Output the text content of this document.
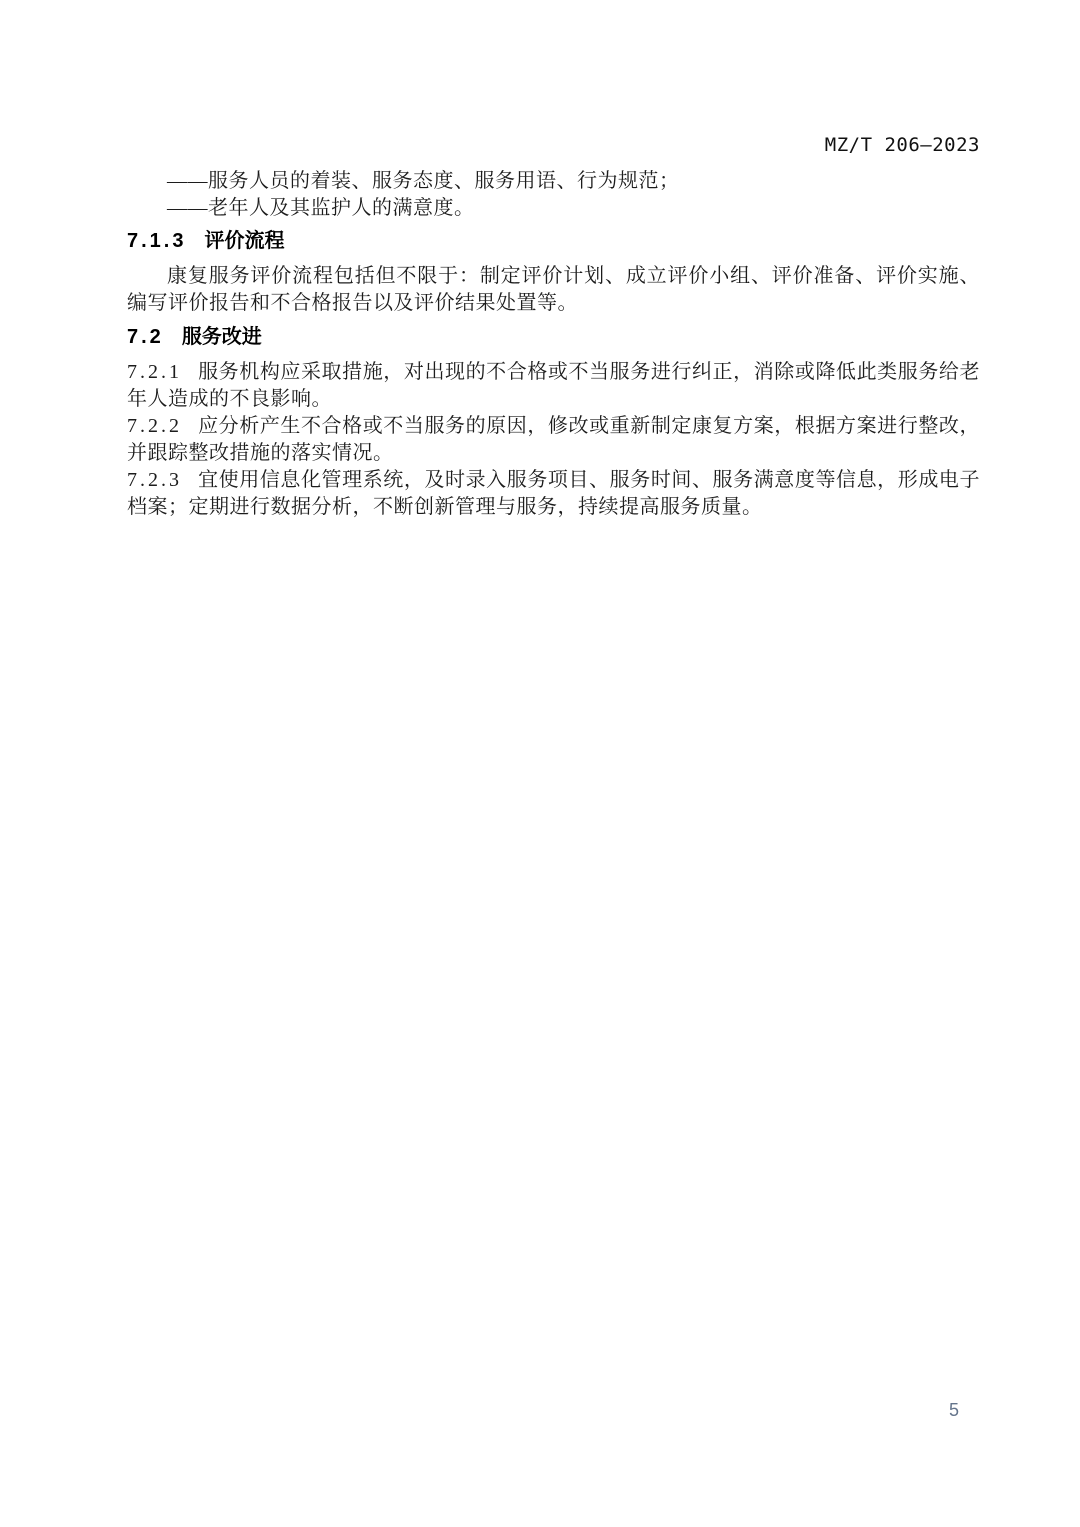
MZ/T 206—2023

——服务人员的着装、服务态度、服务用语、行为规范；

——老年人及其监护人的满意度。

7.1.3 评价流程

康复服务评价流程包括但不限于：制定评价计划、成立评价小组、评价准备、评价实施、编写评价报告和不合格报告以及评价结果处置等。

7.2 服务改进

7.2.1 服务机构应采取措施，对出现的不合格或不当服务进行纠正，消除或降低此类服务给老年人造成的不良影响。

7.2.2 应分析产生不合格或不当服务的原因，修改或重新制定康复方案，根据方案进行整改，并跟踪整改措施的落实情况。

7.2.3 宜使用信息化管理系统，及时录入服务项目、服务时间、服务满意度等信息，形成电子档案；定期进行数据分析，不断创新管理与服务，持续提高服务质量。

5
